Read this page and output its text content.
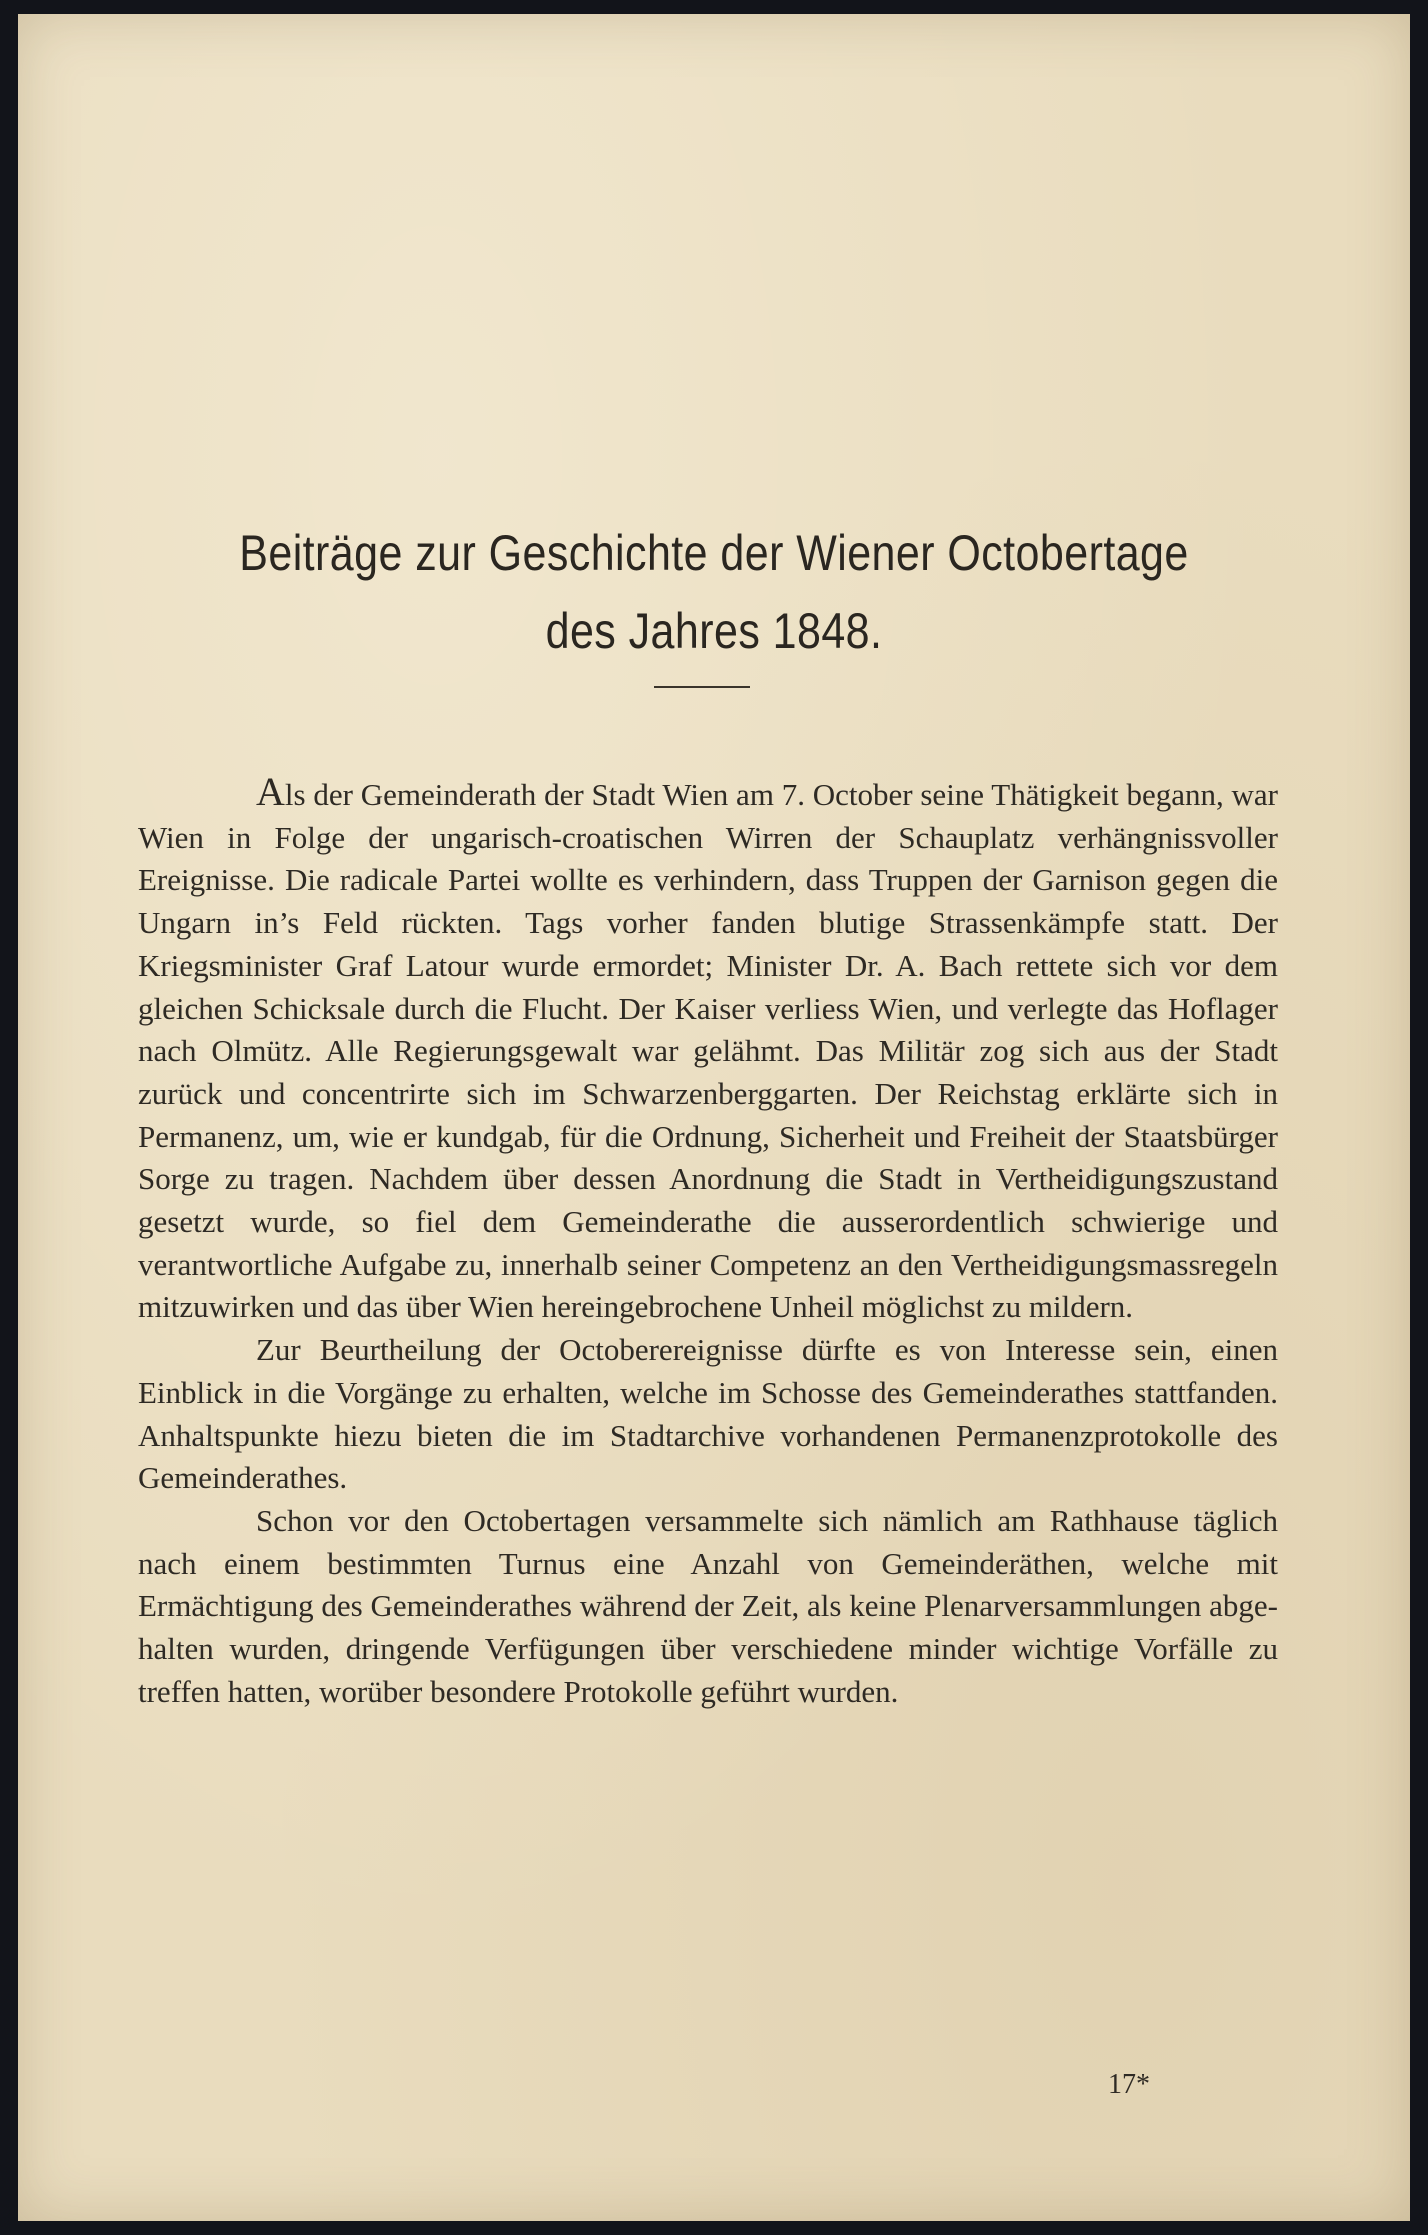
Beiträge zur Geschichte der Wiener Octobertage
des Jahres 1848.

Als der Gemeinderath der Stadt Wien am 7. October seine Thätigkeit begann, war Wien in Folge der ungarisch-croatischen Wirren der Schauplatz verhängnissvoller Ereignisse. Die radicale Partei wollte es verhindern, dass Truppen der Garnison gegen die Ungarn in’s Feld rückten. Tags vorher fanden blutige Strassenkämpfe statt. Der Kriegsminister Graf Latour wurde ermordet; Minister Dr. A. Bach rettete sich vor dem gleichen Schicksale durch die Flucht. Der Kaiser verliess Wien, und verlegte das Hoflager nach Olmütz. Alle Regierungsgewalt war gelähmt. Das Militär zog sich aus der Stadt zurück und concentrirte sich im Schwarzenberggarten. Der Reichstag erklärte sich in Permanenz, um, wie er kundgab, für die Ordnung, Sicherheit und Freiheit der Staatsbürger Sorge zu tragen. Nachdem über dessen Anordnung die Stadt in Vertheidigungszustand gesetzt wurde, so fiel dem Gemeinderathe die ausserordentlich schwierige und verantwortliche Aufgabe zu, innerhalb seiner Competenz an den Vertheidigungsmassregeln mitzuwirken und das über Wien hereingebrochene Unheil möglichst zu mildern.

Zur Beurtheilung der Octoberereignisse dürfte es von Interesse sein, einen Einblick in die Vorgänge zu erhalten, welche im Schosse des Gemeinderathes stattfanden. Anhaltspunkte hiezu bieten die im Stadtarchive vorhandenen Permanenzprotokolle des Gemeinderathes.

Schon vor den Octobertagen versammelte sich nämlich am Rathhause täglich nach einem bestimmten Turnus eine Anzahl von Gemeinderäthen, welche mit Ermächtigung des Gemeinderathes während der Zeit, als keine Plenarversammlungen abgehalten wurden, dringende Verfügungen über verschiedene minder wichtige Vorfälle zu treffen hatten, worüber besondere Protokolle geführt wurden.

17*
